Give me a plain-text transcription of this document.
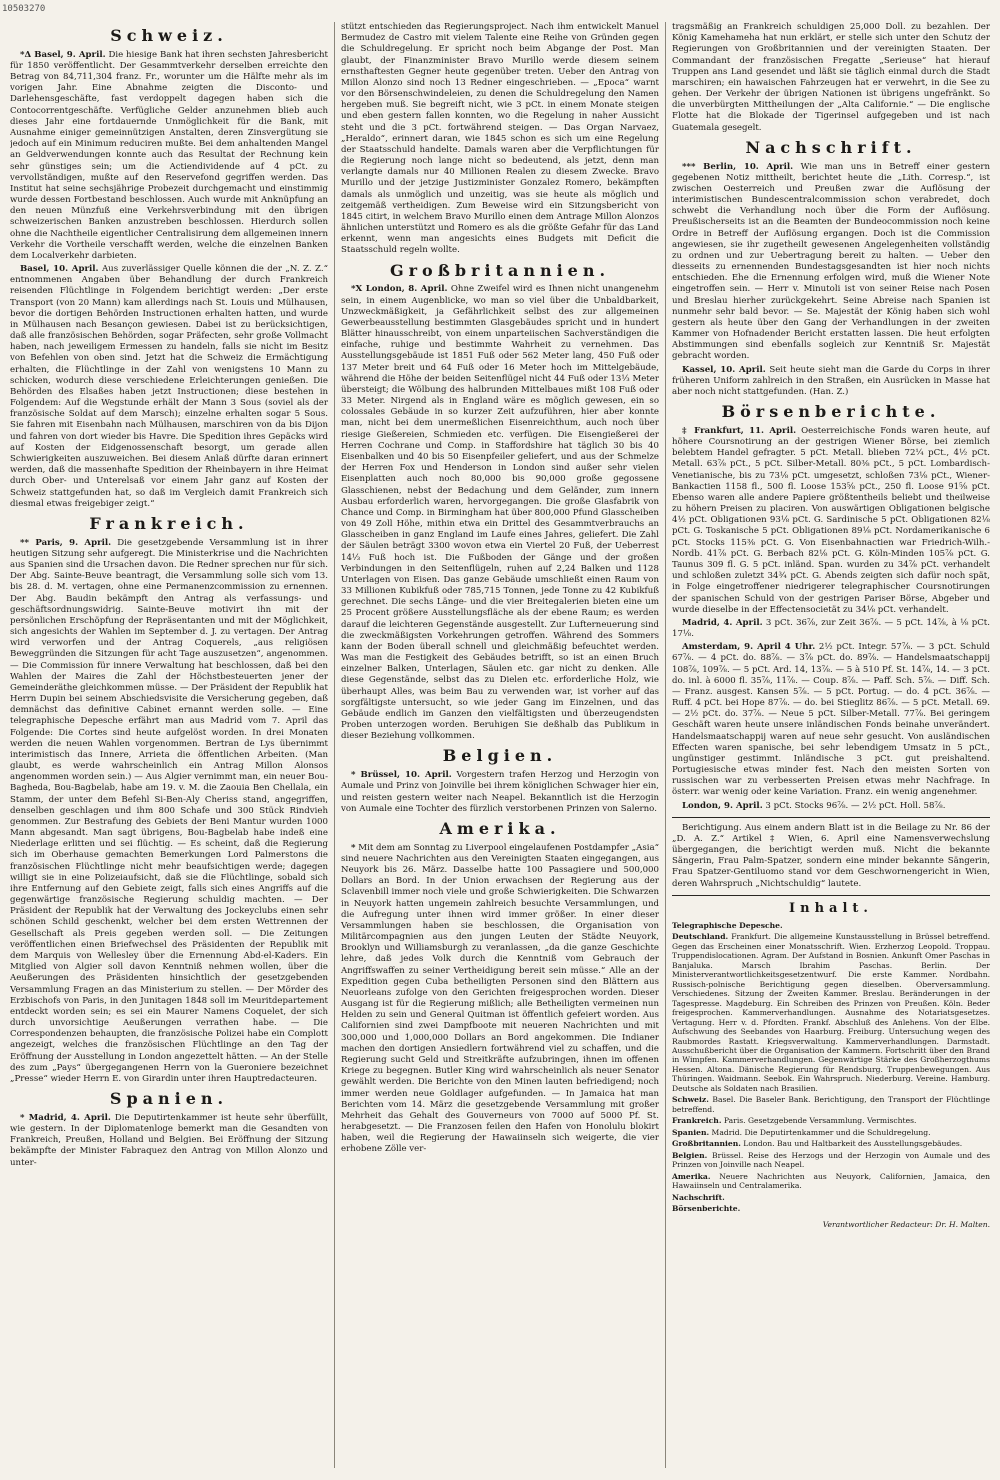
10503270
Schweiz.

*Δ Basel, 9. April. Die hiesige Bank hat ihren sechsten Jahresbericht für 1850 veröffentlicht. Der Gesammtverkehr derselben erreichte den Betrag von 84,711,304 franz. Fr., worunter um die Hälfte mehr als im vorigen Jahr. Eine Abnahme zeigten die Disconto- und Darlehensgeschäfte, fast verdoppelt dagegen haben sich die Contocorrentgeschäfte. Verfügliche Gelder anzunehmen blieb auch dieses Jahr eine fortdauernde Unmöglichkeit für die Bank, mit Ausnahme einiger gemeinnützigen Anstalten, deren Zinsvergütung sie jedoch auf ein Minimum reduciren mußte. Bei dem anhaltenden Mangel an Geldverwendungen konnte auch das Resultat der Rechnung kein sehr günstiges sein; um die Actiendividende auf 4 pCt. zu vervollständigen, mußte auf den Reservefond gegriffen werden. Das Institut hat seine sechsjährige Probezeit durchgemacht und einstimmig wurde dessen Fortbestand beschlossen. Auch wurde mit Anknüpfung an den neuen Münzfuß eine Verkehrsverbindung mit den übrigen schweizerischen Banken anzustreben beschlossen. Hierdurch sollen ohne die Nachtheile eigentlicher Centralisirung dem allgemeinen innern Verkehr die Vortheile verschafft werden, welche die einzelnen Banken dem Localverkehr darbieten.

Basel, 10. April. Aus zuverlässiger Quelle können die der „N. Z. Z.“ entnommenen Angaben über Behandlung der durch Frankreich reisenden Flüchtlinge in Folgendem berichtigt werden: „Der erste Transport (von 20 Mann) kam allerdings nach St. Louis und Mülhausen, bevor die dortigen Behörden Instructionen erhalten hatten, und wurde in Mülhausen nach Besançon gewiesen. Dabei ist zu berücksichtigen, daß alle französischen Behörden, sogar Präfecten, sehr große Vollmacht haben, nach jeweiligem Ermessen zu handeln, falls sie nicht im Besitz von Befehlen von oben sind. Jetzt hat die Schweiz die Ermächtigung erhalten, die Flüchtlinge in der Zahl von wenigstens 10 Mann zu schicken, wodurch diese verschiedene Erleichterungen genießen. Die Behörden des Elsaßes haben jetzt Instructionen; diese bestehen in Folgendem: Auf die Wegstunde erhält der Mann 3 Sous (soviel als der französische Soldat auf dem Marsch); einzelne erhalten sogar 5 Sous. Sie fahren mit Eisenbahn nach Mülhausen, marschiren von da bis Dijon und fahren von dort wieder bis Havre. Die Spedition ihres Gepäcks wird auf Kosten der Eidgenossenschaft besorgt, um gerade allen Schwierigkeiten auszuweichen. Bei diesem Anlaß dürfte daran erinnert werden, daß die massenhafte Spedition der Rheinbayern in ihre Heimat durch Ober- und Unterelsaß vor einem Jahr ganz auf Kosten der Schweiz stattgefunden hat, so daß im Vergleich damit Frankreich sich diesmal etwas freigebiger zeigt.“

Frankreich.

** Paris, 9. April. Die gesetzgebende Versammlung ist in ihrer heutigen Sitzung sehr aufgeregt. Die Ministerkrise und die Nachrichten aus Spanien sind die Ursachen davon. Die Redner sprechen nur für sich. Der Abg. Sainte-Beuve beantragt, die Versammlung solle sich vom 13. bis 28. d. M. vertagen, ohne eine Permanenzcommission zu ernennen. Der Abg. Baudin bekämpft den Antrag als verfassungs- und geschäftsordnungswidrig. Sainte-Beuve motivirt ihn mit der persönlichen Erschöpfung der Repräsentanten und mit der Möglichkeit, sich angesichts der Wahlen im September d. J. zu vertagen. Der Antrag wird verworfen und der Antrag Coquerels, „aus religiösen Beweggründen die Sitzungen für acht Tage auszusetzen“, angenommen. — Die Commission für innere Verwaltung hat beschlossen, daß bei den Wahlen der Maires die Zahl der Höchstbesteuerten jener der Gemeinderäthe gleichkommen müsse. — Der Präsident der Republik hat Herrn Dupin bei seinem Abschiedsvisite die Versicherung gegeben, daß demnächst das definitive Cabinet ernannt werden solle. — Eine telegraphische Depesche erfährt man aus Madrid vom 7. April das Folgende: Die Cortes sind heute aufgelöst worden. In drei Monaten werden die neuen Wahlen vorgenommen. Bertran de Lys übernimmt interimistisch das Innere, Arrieta die öffentlichen Arbeiten. (Man glaubt, es werde wahrscheinlich ein Antrag Millon Alonsos angenommen worden sein.) — Aus Algier vernimmt man, ein neuer Bou-Bagheda, Bou-Bagbelab, habe am 19. v. M. die Zaouia Ben Chellala, ein Stamm, der unter dem Befehl Si-Ben-Aly Cheriss stand, angegriffen, denselben geschlagen und ihm 800 Schafe und 300 Stück Rindvieh genommen. Zur Bestrafung des Gebiets der Beni Mantur wurden 1000 Mann abgesandt. Man sagt übrigens, Bou-Bagbelab habe indeß eine Niederlage erlitten und sei flüchtig. — Es scheint, daß die Regierung sich im Oberhause gemachten Bemerkungen Lord Palmerstons die französischen Flüchtlinge nicht mehr beaufsichtigen werde; dagegen willigt sie in eine Polizeiaufsicht, daß sie die Flüchtlinge, sobald sich ihre Entfernung auf den Gebiete zeigt, falls sich eines Angriffs auf die gegenwärtige französische Regierung schuldig machten. — Der Präsident der Republik hat der Verwaltung des Jockeyclubs einen sehr schönen Schild geschenkt, welcher bei dem ersten Wettrennen der Gesellschaft als Preis gegeben werden soll. — Die Zeitungen veröffentlichen einen Briefwechsel des Präsidenten der Republik mit dem Marquis von Wellesley über die Ernennung Abd-el-Kaders. Ein Mitglied von Algier soll davon Kenntniß nehmen wollen, über die Aeußerungen des Präsidenten hinsichtlich der gesetzgebenden Versammlung Fragen an das Ministerium zu stellen. — Der Mörder des Erzbischofs von Paris, in den Junitagen 1848 soll im Meuritdepartement entdeckt worden sein; es sei ein Maurer Namens Coquelet, der sich durch unvorsichtige Aeußerungen verrathen habe. — Die Correspondenzen behaupten, die französische Polizei habe ein Complott angezeigt, welches die französischen Flüchtlinge an den Tag der Eröffnung der Ausstellung in London angezettelt hätten. — An der Stelle des zum „Pays“ übergegangenen Herrn von la Gueroniere bezeichnet „Presse“ wieder Herrn E. von Girardin unter ihren Hauptredacteuren.

Spanien.

* Madrid, 4. April. Die Deputirtenkammer ist heute sehr überfüllt, wie gestern. In der Diplomatenloge bemerkt man die Gesandten von Frankreich, Preußen, Holland und Belgien. Bei Eröffnung der Sitzung bekämpfte der Minister Fabraquez den Antrag von Millon Alonzo und unter-

stützt entschieden das Regierungsproject. Nach ihm entwickelt Manuel Bermudez de Castro mit vielem Talente eine Reihe von Gründen gegen die Schuldregelung. Er spricht noch beim Abgange der Post. Man glaubt, der Finanzminister Bravo Murillo werde diesem seinem ernsthaftesten Gegner heute gegenüber treten. Ueber den Antrag von Millon Alonzo sind noch 13 Redner eingeschrieben. — „Epoca“ warnt vor den Börsenschwindeleien, zu denen die Schuldregelung den Namen hergeben muß. Sie begreift nicht, wie 3 pCt. in einem Monate steigen und eben gestern fallen konnten, wo die Regelung in naher Aussicht steht und die 3 pCt. fortwährend steigen. — Das Organ Narvaez, „Heraldo“, erinnert daran, wie 1845 schon es sich um eine Regelung der Staatsschuld handelte. Damals waren aber die Verpflichtungen für die Regierung noch lange nicht so bedeutend, als jetzt, denn man verlangte damals nur 40 Millionen Realen zu diesem Zwecke. Bravo Murillo und der jetzige Justizminister Gonzalez Romero, bekämpften damals als unmöglich und unzeitig, was sie heute als möglich und zeitgemäß vertheidigen. Zum Beweise wird ein Sitzungsbericht von 1845 citirt, in welchem Bravo Murillo einen dem Antrage Millon Alonzos ähnlichen unterstützt und Romero es als die größte Gefahr für das Land erkennt, wenn man angesichts eines Budgets mit Deficit die Staatsschuld regeln wollte.

Großbritannien.

*X London, 8. April. Ohne Zweifel wird es Ihnen nicht unangenehm sein, in einem Augenblicke, wo man so viel über die Unbaldbarkeit, Unzweckmäßigkeit, ja Gefährlichkeit selbst des zur allgemeinen Gewerbeausstellung bestimmten Glasgebäudes spricht und in hundert Blätter hinausschreibt, von einem unparteiischen Sachverständigen die einfache, ruhige und bestimmte Wahrheit zu vernehmen. Das Ausstellungsgebäude ist 1851 Fuß oder 562 Meter lang, 450 Fuß oder 137 Meter breit und 64 Fuß oder 16 Meter hoch im Mittelgebäude, während die Höhe der beiden Seitenflügel nicht 44 Fuß oder 13⅓ Meter übersteigt; die Wölbung des halbrunden Mittelbaues mißt 108 Fuß oder 33 Meter. Nirgend als in England wäre es möglich gewesen, ein so colossales Gebäude in so kurzer Zeit aufzuführen, hier aber konnte man, nicht bei dem unermeßlichen Eisenreichthum, auch noch über riesige Gießereien, Schmieden etc. verfügen. Die Eisengießerei der Herren Cochrane und Comp. in Staffordshire hat täglich 30 bis 40 Eisenbalken und 40 bis 50 Eisenpfeiler geliefert, und aus der Schmelze der Herren Fox und Henderson in London sind außer sehr vielen Eisenplatten auch noch 80,000 bis 90,000 große gegossene Glasschienen, nebst der Bedachung und dem Geländer, zum innern Ausbau erforderlich waren, hervorgegangen. Die große Glasfabrik von Chance und Comp. in Birmingham hat über 800,000 Pfund Glasscheiben von 49 Zoll Höhe, mithin etwa ein Drittel des Gesammtverbrauchs an Glasscheiben in ganz England im Laufe eines Jahres, geliefert. Die Zahl der Säulen beträgt 3300 wovon etwa ein Viertel 20 Fuß, der Ueberrest 14⅓ Fuß hoch ist. Die Fußboden der Gänge und der großen Verbindungen in den Seitenflügeln, ruhen auf 2,24 Balken und 1128 Unterlagen von Eisen. Das ganze Gebäude umschließt einen Raum von 33 Millionen Kubikfuß oder 785,715 Tonnen, jede Tonne zu 42 Kubikfuß gerechnet. Die sechs Länge- und die vier Breitegalerien bieten eine um 25 Procent größere Ausstellungsfläche als der ebene Raum; es werden darauf die leichteren Gegenstände ausgestellt. Zur Lufterneuerung sind die zweckmäßigsten Vorkehrungen getroffen. Während des Sommers kann der Boden überall schnell und gleichmäßig befeuchtet werden. Was man die Festigkeit des Gebäudes betrifft, so ist an einen Bruch einzelner Balken, Unterlagen, Säulen etc. gar nicht zu denken. Alle diese Gegenstände, selbst das zu Dielen etc. erforderliche Holz, wie überhaupt Alles, was beim Bau zu verwenden war, ist vorher auf das sorgfältigste untersucht, so wie jeder Gang im Einzelnen, und das Gebäude endlich im Ganzen den vielfältigsten und überzeugendsten Proben unterzogen worden. Beruhigen Sie deßhalb das Publikum in dieser Beziehung vollkommen.

Belgien.

* Brüssel, 10. April. Vorgestern trafen Herzog und Herzogin von Aumale und Prinz von Joinville bei ihrem königlichen Schwager hier ein, und reisten gestern weiter nach Neapel. Bekanntlich ist die Herzogin von Aumale eine Tochter des fürzlich verstorbenen Prinzen von Salerno.

Amerika.

* Mit dem am Sonntag zu Liverpool eingelaufenen Postdampfer „Asia“ sind neuere Nachrichten aus den Vereinigten Staaten eingegangen, aus Neuyork bis 26. März. Dasselbe hatte 100 Passagiere und 500,000 Dollars an Bord. In der Union erwachsen der Regierung aus der Sclavenbill immer noch viele und große Schwierigkeiten. Die Schwarzen in Neuyork hatten ungemein zahlreich besuchte Versammlungen, und die Aufregung unter ihnen wird immer größer. In einer dieser Versammlungen haben sie beschlossen, die Organisation von Militärcompagnien aus den jungen Leuten der Städte Neuyork, Brooklyn und Williamsburgh zu veranlassen, „da die ganze Geschichte lehre, daß jedes Volk durch die Kenntniß vom Gebrauch der Angriffswaffen zu seiner Vertheidigung bereit sein müsse.“ Alle an der Expedition gegen Cuba betheiligten Personen sind den Blättern aus Neuorleans zufolge von den Gerichten freigesprochen worden. Dieser Ausgang ist für die Regierung mißlich; alle Betheiligten vermeinen nun Helden zu sein und General Quitman ist öffentlich gefeiert worden. Aus Californien sind zwei Dampfboote mit neueren Nachrichten und mit 300,000 und 1,000,000 Dollars an Bord angekommen. Die Indianer machen den dortigen Ansiedlern fortwährend viel zu schaffen, und die Regierung sucht Geld und Streitkräfte aufzubringen, ihnen im offenen Kriege zu begegnen. Butler King wird wahrscheinlich als neuer Senator gewählt werden. Die Berichte von den Minen lauten befriedigend; noch immer werden neue Goldlager aufgefunden. — In Jamaica hat man Berichten vom 14. März die gesetzgebende Versammlung mit großer Mehrheit das Gehalt des Gouverneurs von 7000 auf 5000 Pf. St. herabgesetzt. — Die Franzosen feilen den Hafen von Honolulu blokirt haben, weil die Regierung der Hawaiinseln sich weigerte, die vier erhobene Zölle ver-

tragsmäßig an Frankreich schuldigen 25,000 Doll. zu bezahlen. Der König Kamehameha hat nun erklärt, er stelle sich unter den Schutz der Regierungen von Großbritannien und der vereinigten Staaten. Der Commandant der französischen Fregatte „Serieuse“ hat hierauf Truppen ans Land gesendet und läßt sie täglich einmal durch die Stadt marschiren; ein hawaischen Fahrzeugen hat er verwehrt, in die See zu gehen. Der Verkehr der übrigen Nationen ist übrigens ungefränkt. So die unverbürgten Mittheilungen der „Alta Californie.“ — Die englische Flotte hat die Blokade der Tigerinsel aufgegeben und ist nach Guatemala gesegelt.

Nachschrift.

*** Berlin, 10. April. Wie man uns in Betreff einer gestern gegebenen Notiz mittheilt, berichtet heute die „Lith. Corresp.“, ist zwischen Oesterreich und Preußen zwar die Auflösung der interimistischen Bundescentralcommission schon verabredet, doch schwebt die Verhandlung noch über die Form der Auflösung. Preußischerseits ist an die Beamten der Bundeocommission noch keine Ordre in Betreff der Auflösung ergangen. Doch ist die Commission angewiesen, sie ihr zugetheilt gewesenen Angelegenheiten vollständig zu ordnen und zur Uebertragung bereit zu halten. — Ueber den diesseits zu ernennenden Bundestagsgesandten ist hier noch nichts entschieden. Ehe die Ernennung erfolgen wird, muß die Wiener Note eingetroffen sein. — Herr v. Minutoli ist von seiner Reise nach Posen und Breslau hierher zurückgekehrt. Seine Abreise nach Spanien ist nunmehr sehr bald bevor. — Se. Majestät der König haben sich wohl gestern als heute über den Gang der Verhandlungen in der zweiten Kammer von Hofnadender Bericht erstatten lassen. Die heut erfolgten Abstimmungen sind ebenfalls sogleich zur Kenntniß Sr. Majestät gebracht worden.

Kassel, 10. April. Seit heute sieht man die Garde du Corps in ihrer früheren Uniform zahlreich in den Straßen, ein Ausrücken in Masse hat aber noch nicht stattgefunden. (Han. Z.)

Börsenberichte.

‡ Frankfurt, 11. April. Oesterreichische Fonds waren heute, auf höhere Coursnotirung an der gestrigen Wiener Börse, bei ziemlich belebtem Handel gefragter. 5 pCt. Metall. blieben 72¼ pCt., 4½ pCt. Metall. 63⅞ pCt., 5 pCt. Silber-Metall. 80⅜ pCt., 5 pCt. Lombardisch-Venetianische, bis zu 73⅛ pCt. umgesetzt, schloßen 73⅛ pCt., Wiener-Bankactien 1158 fl., 500 fl. Loose 153⅝ pCt., 250 fl. Loose 91⅝ pCt. Ebenso waren alle andere Papiere größtentheils beliebt und theilweise zu höhern Preisen zu placiren. Von auswärtigen Obligationen belgische 4½ pCt. Obligationen 93⅛ pCt. G. Sardinische 5 pCt. Obligationen 82⅛ pCt. G. Toskanische 5 pCt. Obligationen 89⅛ pCt. Nordamerikanische 6 pCt. Stocks 115⅜ pCt. G. Von Eisenbahnactien war Friedrich-Wilh.-Nordb. 41⅞ pCt. G. Berbach 82⅛ pCt. G. Köln-Minden 105⅞ pCt. G. Taunus 309 fl. G. 5 pCt. inländ. Span. wurden zu 34⅞ pCt. verhandelt und schloßen zuletzt 34¾ pCt. G. Abends zeigten sich dafür noch spät, in Folge eingetroffener niedrigerer telegraphischer Coursnotirungen der spanischen Schuld von der gestrigen Pariser Börse, Abgeber und wurde dieselbe in der Effectensocietät zu 34⅛ pCt. verhandelt.

Madrid, 4. April. 3 pCt. 36⅞, zur Zeit 36⅞. — 5 pCt. 14⅞, à ⅛ pCt. 17⅛.

Amsterdam, 9. April 4 Uhr. 2½ pCt. Integr. 57⅞. — 3 pCt. Schuld 67⅞. — 4 pCt. do. 88⅞. — 3⅞ pCt. do. 89⅞. — Handelsmaatschappij 108⅞, 109⅞. — 5 pCt. Ard. 14, 13⅞. — 5 à 510 Pf. St. 14⅞, 14. — 3 pCt. do. inl. à 6000 fl. 35⅞, 11⅞. — Coup. 8⅞. — Paff. Sch. 5⅞. — Diff. Sch. — Franz. ausgest. Kansen 5⅞. — 5 pCt. Portug. — do. 4 pCt. 36⅞. — Ruff. 4 pCt. bei Hope 87⅞. — do. bei Stieglitz 86⅞. — 5 pCt. Metall. 69. — 2½ pCt. do. 37⅞. — Neue 5 pCt. Silber-Metall. 77⅞. Bei geringem Geschäft waren heute unsere inländischen Fonds beinahe unverändert. Handelsmaatschappij waren auf neue sehr gesucht. Von ausländischen Effecten waren spanische, bei sehr lebendigem Umsatz in 5 pCt., ungünstiger gestimmt. Inländische 3 pCt. gut preishaltend. Portugiesische etwas minder fest. Nach den meisten Sorten von russischen war zu verbesserten Preisen etwas mehr Nachfrage. In österr. war wenig oder keine Variation. Franz. ein wenig angenehmer.

London, 9. April. 3 pCt. Stocks 96⅞. — 2½ pCt. Holl. 58⅞.

Berichtigung. Aus einem andern Blatt ist in die Beilage zu Nr. 86 der „D. A. Z.“ Artikel ‡ Wien, 6. April eine Namensverwechslung übergegangen, die berichtigt werden muß. Nicht die bekannte Sängerin, Frau Palm-Spatzer, sondern eine minder bekannte Sängerin, Frau Spatzer-Gentiluomo stand vor dem Geschwornengericht in Wien, deren Wahrspruch „Nichtschuldig“ lautete.

Inhalt.

Telegraphische Depesche.

Deutschland. Frankfurt. Die allgemeine Kunstausstellung in Brüssel betreffend. Gegen das Erscheinen einer Monatsschrift. Wien. Erzherzog Leopold. Troppau. Truppendislocationen. Agram. Der Aufstand in Bosnien. Ankunft Omer Paschas in Banjaluka. Marsch Ibrahim Paschas. Berlin. Der Ministerverantwortlichkeitsgesetzentwurf. Die erste Kammer. Nordbahn. Russisch-polnische Berichtigung gegen dieselben. Oberversammlung. Verschiedenes. Sitzung der Zweiten Kammer. Breslau. Beränderungen in der Tagespresse. Magdeburg. Ein Schreiben des Prinzen von Preußen. Köln. Beder freigesprochen. Kammerverhandlungen. Ausnahme des Notariatsgesetzes. Vertagung. Herr v. d. Pfordten. Frankf. Abschluß des Anlehens. Von der Elbe. Aufschwung des Seebandes von Haarburg. Freiburg. Untersuchung wegen des Raubmordes Rastatt. Kriegsverwaltung. Kammerverhandlungen. Darmstadt. Ausschußbericht über die Organisation der Kammern. Fortschritt über den Brand in Wimpfen. Kammerverhandlungen. Gegenwärtige Stärke des Großherzogthums Hessen. Altona. Dänische Regierung für Rendsburg. Truppenbewegungen. Aus Thüringen. Waidmann. Seebok. Ein Wahrspruch. Niederburg. Vereine. Hamburg. Deutsche als Soldaten nach Brasilien.

Schweiz. Basel. Die Baseler Bank. Berichtigung, den Transport der Flüchtlinge betreffend.

Frankreich. Paris. Gesetzgebende Versammlung. Vermischtes.

Spanien. Madrid. Die Deputirtenkammer und die Schuldregelung.

Großbritannien. London. Bau und Haltbarkeit des Ausstellungsgebäudes.

Belgien. Brüssel. Reise des Herzogs und der Herzogin von Aumale und des Prinzen von Joinville nach Neapel.

Amerika. Neuere Nachrichten aus Neuyork, Californien, Jamaica, den Hawaiinseln und Centralamerika.

Nachschrift.

Börsenberichte.

Verantwortlicher Redacteur: Dr. H. Malten.
